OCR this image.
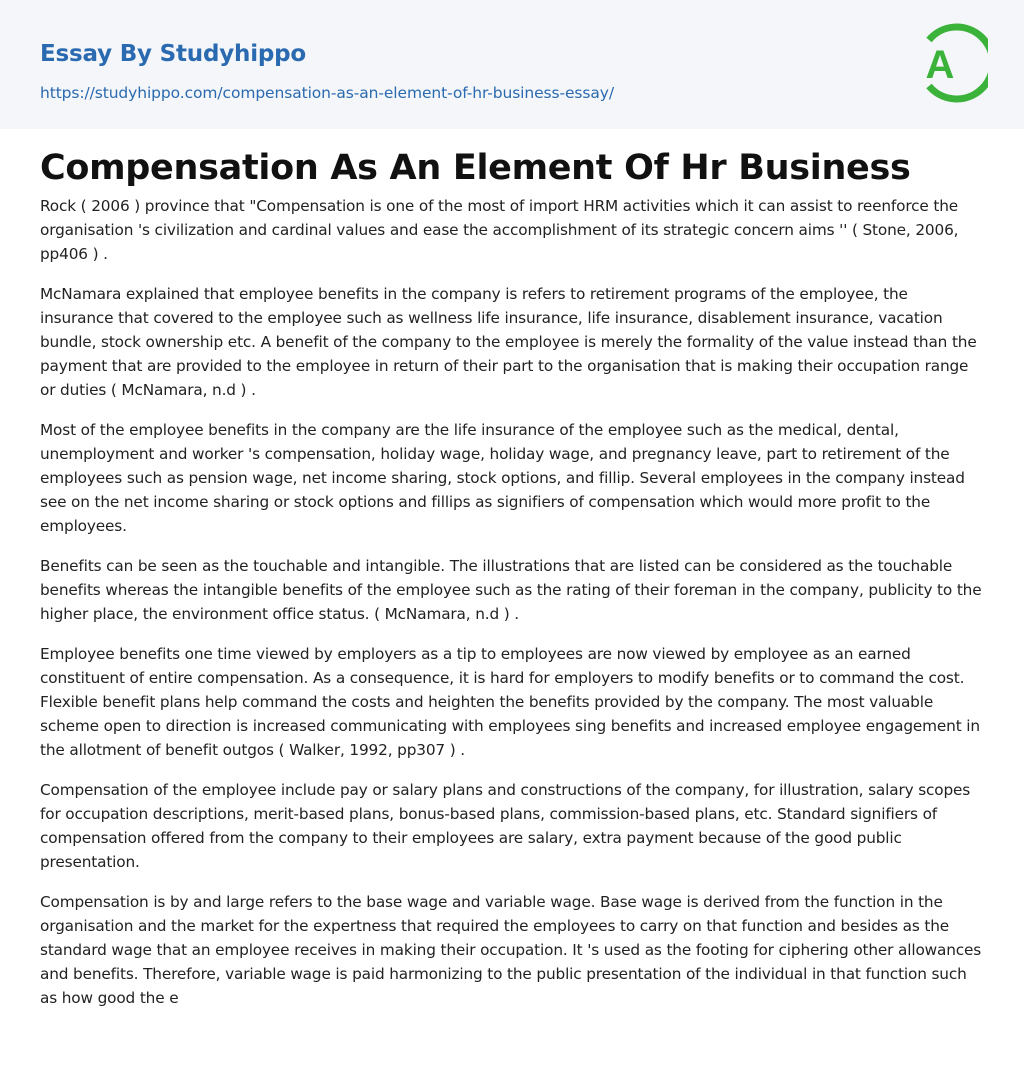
Essay By Studyhippo
https://studyhippo.com/compensation-as-an-element-of-hr-business-essay/
A
Compensation As An Element Of Hr Business

Rock ( 2006 ) province that "Compensation is one of the most of import HRM activities which it can assist to reenforce the organisation 's civilization and cardinal values and ease the accomplishment of its strategic concern aims '' ( Stone, 2006, pp406 ) .

McNamara explained that employee benefits in the company is refers to retirement programs of the employee, the insurance that covered to the employee such as wellness life insurance, life insurance, disablement insurance, vacation bundle, stock ownership etc. A benefit of the company to the employee is merely the formality of the value instead than the payment that are provided to the employee in return of their part to the organisation that is making their occupation range or duties ( McNamara, n.d ) .

Most of the employee benefits in the company are the life insurance of the employee such as the medical, dental, unemployment and worker 's compensation, holiday wage, holiday wage, and pregnancy leave, part to retirement of the employees such as pension wage, net income sharing, stock options, and fillip. Several employees in the company instead see on the net income sharing or stock options and fillips as signifiers of compensation which would more profit to the employees.

Benefits can be seen as the touchable and intangible. The illustrations that are listed can be considered as the touchable benefits whereas the intangible benefits of the employee such as the rating of their foreman in the company, publicity to the higher place, the environment office status. ( McNamara, n.d ) .

Employee benefits one time viewed by employers as a tip to employees are now viewed by employee as an earned constituent of entire compensation. As a consequence, it is hard for employers to modify benefits or to command the cost. Flexible benefit plans help command the costs and heighten the benefits provided by the company. The most valuable scheme open to direction is increased communicating with employees sing benefits and increased employee engagement in the allotment of benefit outgos ( Walker, 1992, pp307 ) .

Compensation of the employee include pay or salary plans and constructions of the company, for illustration, salary scopes for occupation descriptions, merit-based plans, bonus-based plans, commission-based plans, etc. Standard signifiers of compensation offered from the company to their employees are salary, extra payment because of the good public presentation.

Compensation is by and large refers to the base wage and variable wage. Base wage is derived from the function in the organisation and the market for the expertness that required the employees to carry on that function and besides as the standard wage that an employee receives in making their occupation. It 's used as the footing for ciphering other allowances and benefits. Therefore, variable wage is paid harmonizing to the public presentation of the individual in that function such as how good the e
